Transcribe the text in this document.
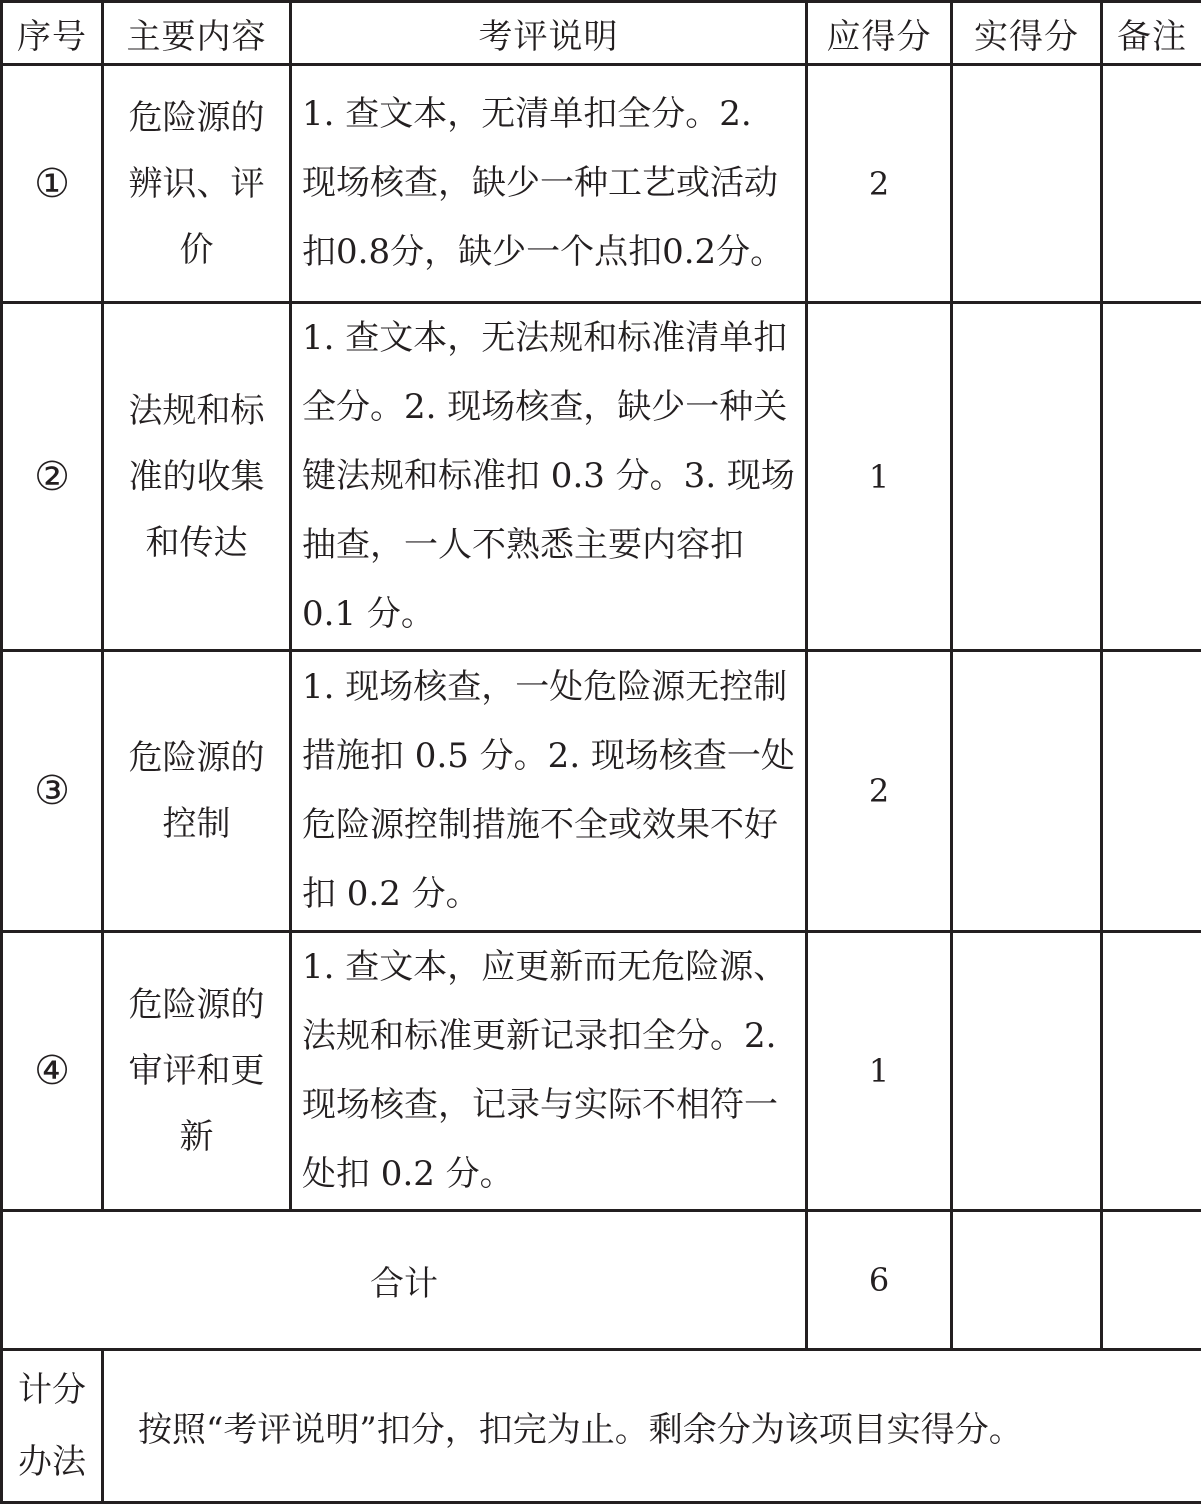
序号	主要内容	考评说明	应得分	实得分	备注
①	危险源的辨识、评价	1. 查文本，无清单扣全分。2. 现场核查，缺少一种工艺或活动扣0.8分，缺少一个点扣0.2分。	2		
②	法规和标准的收集和传达	1. 查文本，无法规和标准清单扣全分。2. 现场核查，缺少一种关键法规和标准扣 0.3 分。3. 现场抽查，一人不熟悉主要内容扣 0.1 分。	1		
③	危险源的控制	1. 现场核查，一处危险源无控制措施扣 0.5 分。2. 现场核查一处危险源控制措施不全或效果不好扣 0.2 分。	2		
④	危险源的审评和更新	1. 查文本，应更新而无危险源、法规和标准更新记录扣全分。2. 现场核查，记录与实际不相符一处扣 0.2 分。	1		
合计			6		
计分办法	按照“考评说明”扣分，扣完为止。剩余分为该项目实得分。				
